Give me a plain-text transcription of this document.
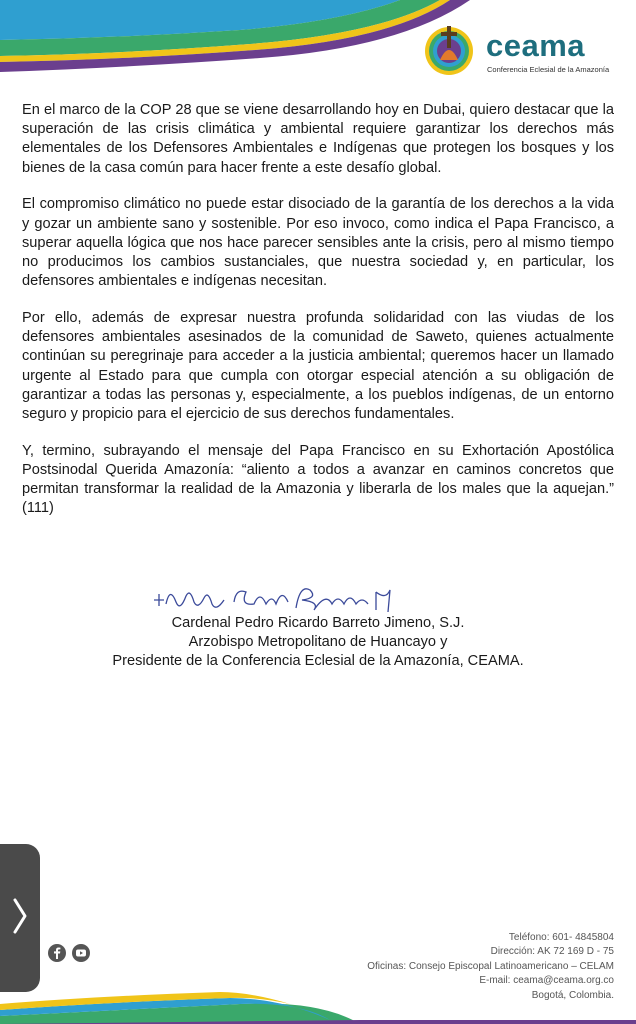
ceama
Conferencia Eclesial de la Amazonía

En el marco de la COP 28 que se viene desarrollando hoy en Dubai, quiero destacar que la superación de las crisis climática y ambiental requiere garantizar los derechos más elementales de los Defensores Ambientales e Indígenas que protegen los bosques y los bienes de la casa común para hacer frente a este desafío global.

El compromiso climático no puede estar disociado de la garantía de los derechos a la vida y gozar un ambiente sano y sostenible. Por eso invoco, como indica el Papa Francisco, a superar aquella lógica que nos hace parecer sensibles ante la crisis, pero al mismo tiempo no producimos los cambios sustanciales, que nuestra sociedad y, en particular, los defensores ambientales e indígenas necesitan.

Por ello, además de expresar nuestra profunda solidaridad con las viudas de los defensores ambientales asesinados de la comunidad de Saweto, quienes actualmente continúan su peregrinaje para acceder a la justicia ambiental; queremos hacer un llamado urgente al Estado para que cumpla con otorgar especial atención a su obligación de garantizar a todas las personas y, especialmente, a los pueblos indígenas, de un entorno seguro y propicio para el ejercicio de sus derechos fundamentales.

Y, termino, subrayando el mensaje del Papa Francisco en su Exhortación Apostólica Postsinodal Querida Amazonía: “aliento a todos a avanzar en caminos concretos que permitan transformar la realidad de la Amazonia y liberarla de los males que la aquejan.” (111)

Cardenal Pedro Ricardo Barreto Jimeno, S.J.
Arzobispo Metropolitano de Huancayo y
Presidente de la Conferencia Eclesial de la Amazonía, CEAMA.
Teléfono: 601- 4845804
Dirección: AK 72 169 D - 75
Oficinas: Consejo Episcopal Latinoamericano – CELAM
E-mail: ceama@ceama.org.co
Bogotá, Colombia.
